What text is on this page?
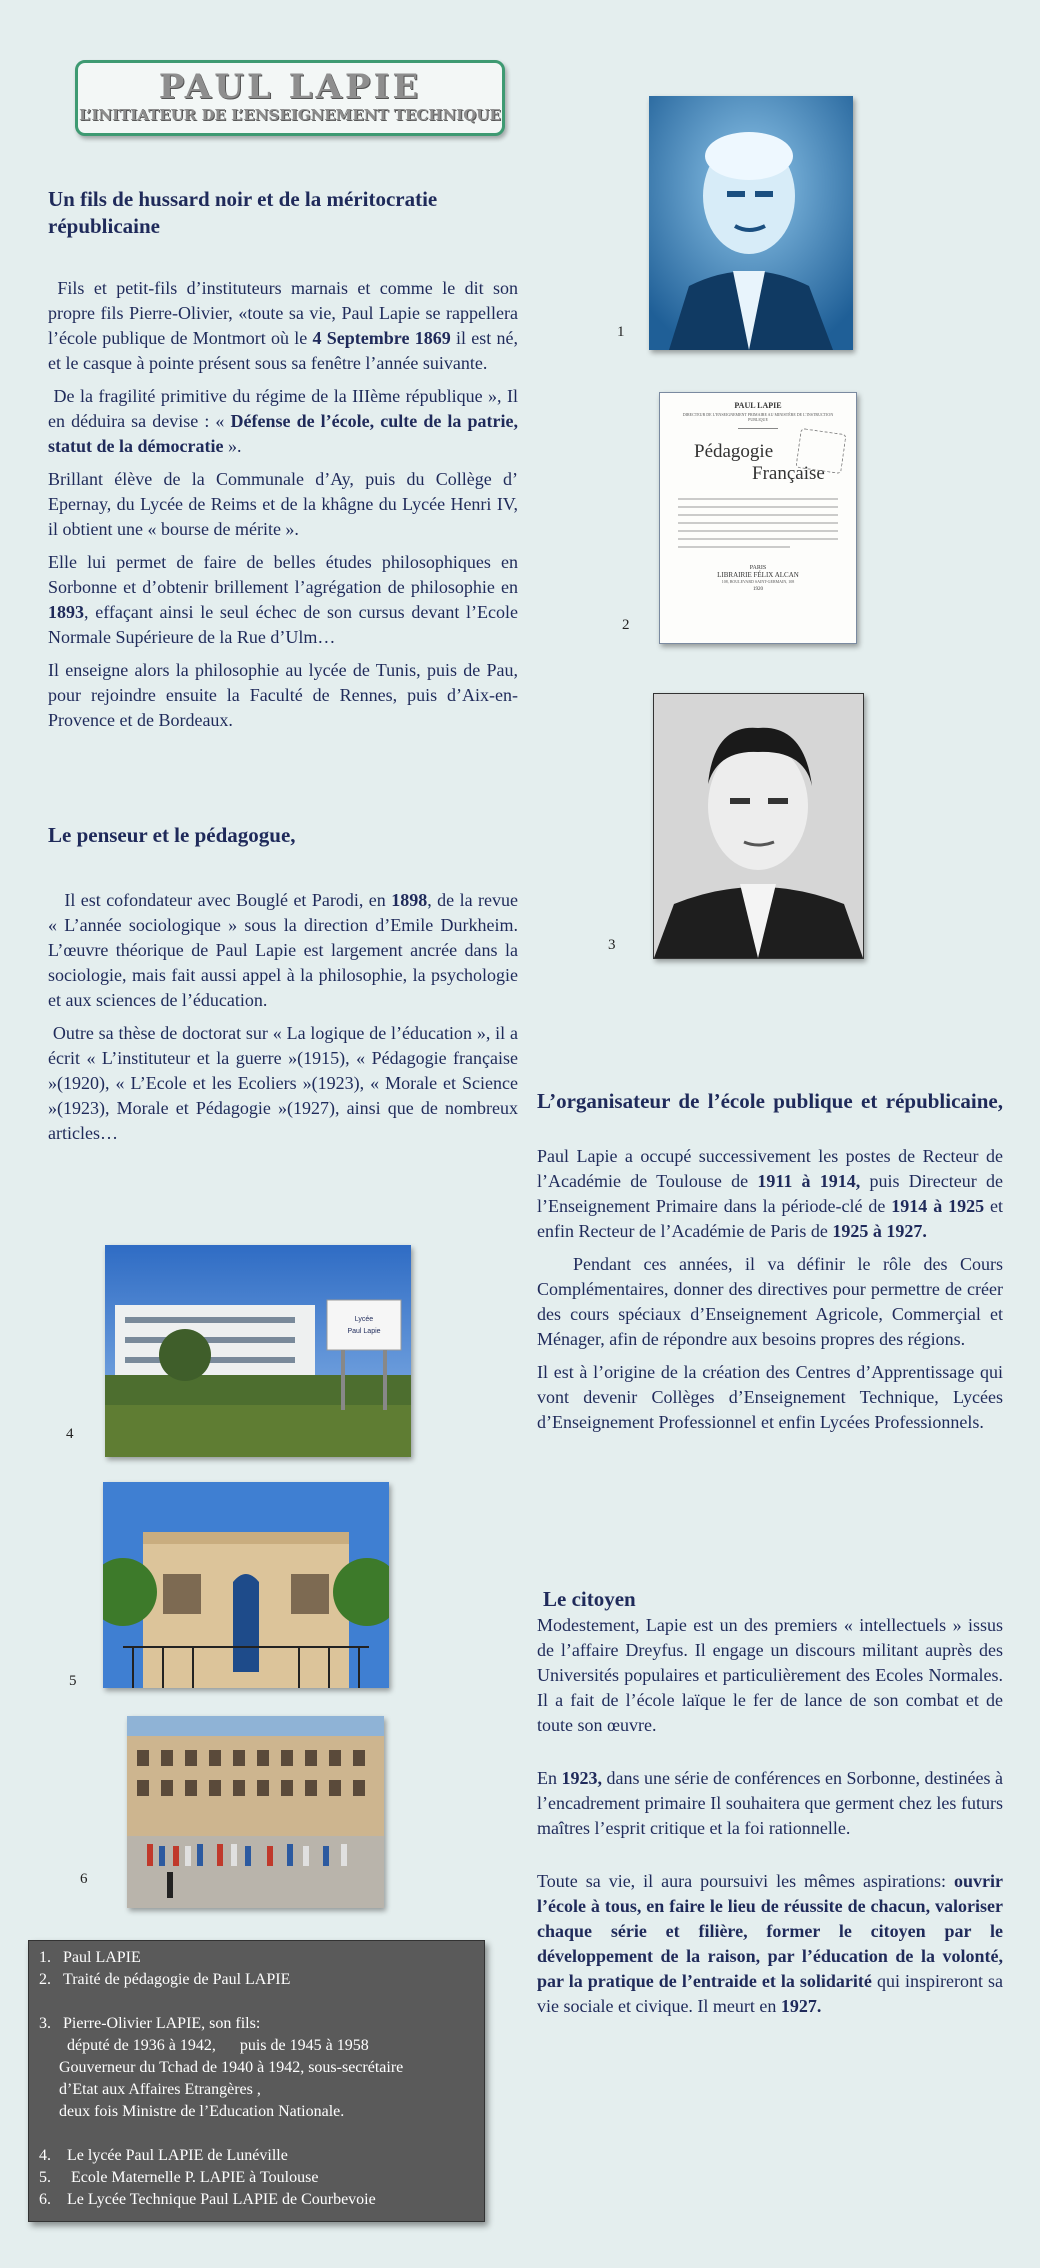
PAUL LAPIE
L’INITIATEUR DE L’ENSEIGNEMENT TECHNIQUE
Un fils de hussard noir et de la méritocratie républicaine

Fils et petit-fils d’instituteurs marnais et comme le dit son propre fils Pierre-Olivier, «toute sa vie, Paul Lapie se rappellera l’école publique de Montmort où le 4 Septembre 1869 il est né, et le casque à pointe présent sous sa fenêtre l’année suivante.

De la fragilité primitive du régime de la IIIème république », Il en déduira sa devise : « Défense de l’école, culte de la patrie, statut de la démocratie ».

Brillant élève de la Communale d’Ay, puis du Collège d’ Epernay, du Lycée de Reims et de la khâgne du Lycée Henri IV, il obtient une « bourse de mérite ».

Elle lui permet de faire de belles études philosophiques en Sorbonne et d’obtenir brillement l’agrégation de philosophie en 1893, effaçant ainsi le seul échec de son cursus devant l’Ecole Normale Supérieure de la Rue d’Ulm…

Il enseigne alors la philosophie au lycée de Tunis, puis de Pau, pour rejoindre ensuite la Faculté de Rennes, puis d’Aix-en-Provence et de Bordeaux.

Le penseur et le pédagogue,

Il est cofondateur avec Bouglé et Parodi, en 1898, de la revue « L’année sociologique » sous la direction d’Emile Durkheim. L’œuvre théorique de Paul Lapie est largement ancrée dans la sociologie, mais fait aussi appel à la philosophie, la psychologie et aux sciences de l’éducation.

Outre sa thèse de doctorat sur « La logique de l’éducation », il a écrit « L’instituteur et la guerre »(1915), « Pédagogie française »(1920), « L’Ecole et les Ecoliers »(1923), « Morale et Science »(1923), Morale et Pédagogie »(1927), ainsi que de nombreux articles…

L’organisateur de l’école publique et républicaine,

Paul Lapie a occupé successivement les postes de Recteur de l’Académie de Toulouse de 1911 à 1914, puis Directeur de l’Enseignement Primaire dans la période-clé de 1914 à 1925 et enfin Recteur de l’Académie de Paris de 1925 à 1927.

Pendant ces années, il va définir le rôle des Cours Complémentaires, donner des directives pour permettre de créer des cours spéciaux d’Enseignement Agricole, Commerçial et Ménager, afin de répondre aux besoins propres des régions.

Il est à l’origine de la création des Centres d’Apprentissage qui vont devenir Collèges d’Enseignement Technique, Lycées d’Enseignement Professionnel et enfin Lycées Professionnels.

Le citoyen

Modestement, Lapie est un des premiers « intellectuels » issus de l’affaire Dreyfus. Il engage un discours militant auprès des Universités populaires et particulièrement des Ecoles Normales. Il a fait de l’école laïque le fer de lance de son combat et de toute son œuvre.

En 1923, dans une série de conférences en Sorbonne, destinées à l’encadrement primaire Il souhaitera que germent chez les futurs maîtres l’esprit critique et la foi rationnelle.

Toute sa vie, il aura poursuivi les mêmes aspirations: ouvrir l’école à tous, en faire le lieu de réussite de chacun, valoriser chaque série et filière, former le citoyen par le développement de la raison, par l’éducation de la volonté, par la pratique de l’entraide et la solidarité qui inspireront sa vie sociale et civique. Il meurt en 1927.

1
PAUL LAPIE
DIRECTEUR DE L’ENSEIGNEMENT PRIMAIRE AU MINISTÈRE DE L’INSTRUCTION PUBLIQUE
Pédagogie
Française
PARIS
LIBRAIRIE FÉLIX ALCAN
108, BOULEVARD SAINT-GERMAIN, 108
1920
2
3
Lycée
Paul Lapie
4
5
6
1.   Paul LAPIE
2.   Traité de pédagogie de Paul LAPIE
3.   Pierre-Olivier LAPIE, son fils:
député de 1936 à 1942,      puis de 1945 à 1958
Gouverneur du Tchad de 1940 à 1942, sous-secrétaire
d’Etat aux Affaires Etrangères ,
deux fois Ministre de l’Education Nationale.
4.    Le lycée Paul LAPIE de Lunéville
5.     Ecole Maternelle P. LAPIE à Toulouse
6.    Le Lycée Technique Paul LAPIE de Courbevoie
